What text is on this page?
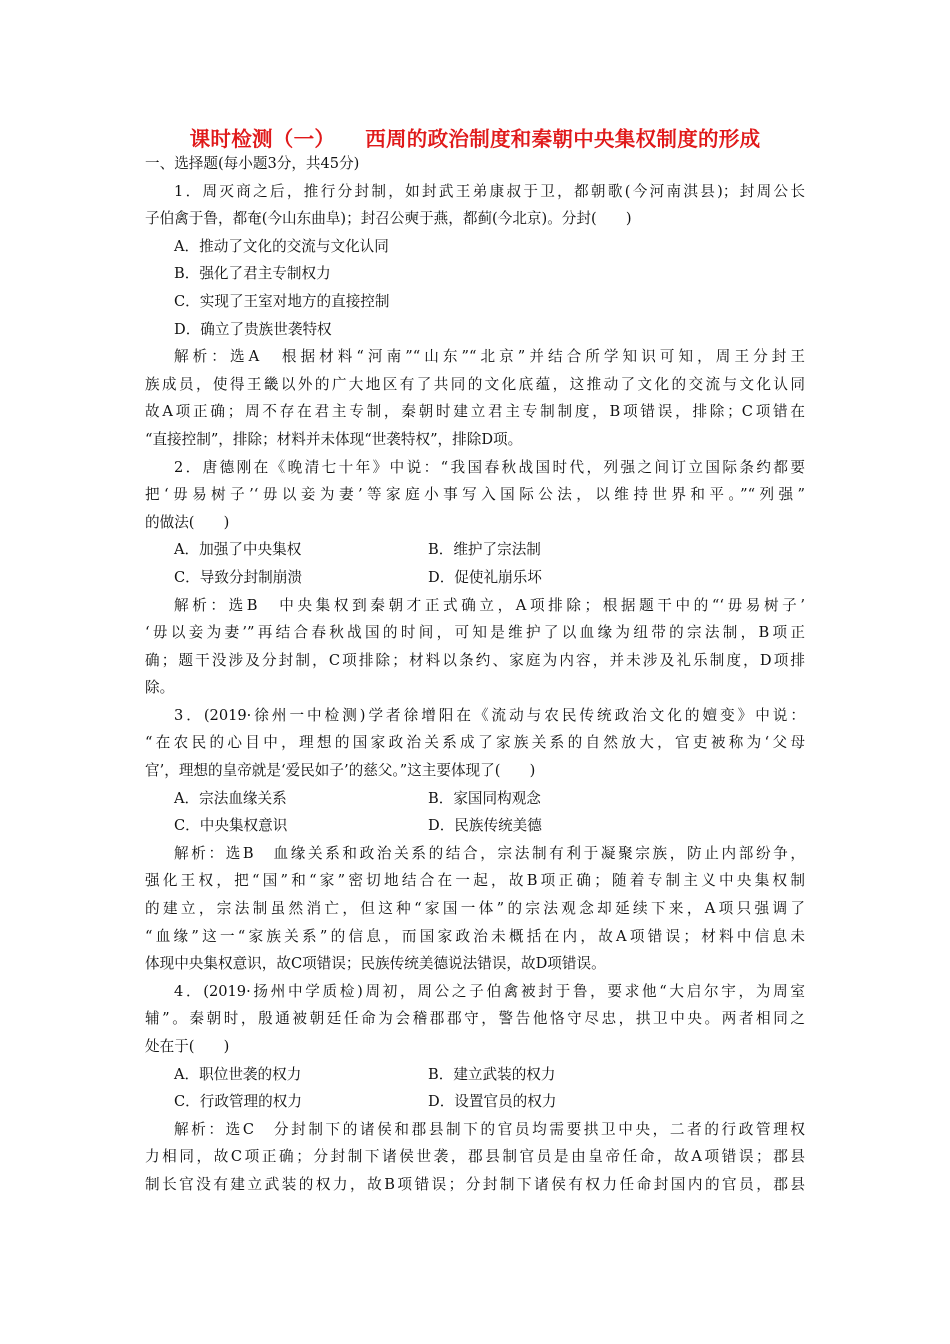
课时检测（一） 西周的政治制度和秦朝中央集权制度的形成
一、选择题(每小题3分，共45分)
1．周灭商之后，推行分封制，如封武王弟康叔于卫，都朝歌(今河南淇县)；封周公长
子伯禽于鲁，都奄(今山东曲阜)；封召公奭于燕，都蓟(今北京)。分封(　　)
A．推动了文化的交流与文化认同
B．强化了君主专制权力
C．实现了王室对地方的直接控制
D．确立了贵族世袭特权
解析：选A　根据材料“河南”“山东”“北京”并结合所学知识可知，周王分封王
族成员，使得王畿以外的广大地区有了共同的文化底蕴，这推动了文化的交流与文化认同
故A项正确；周不存在君主专制，秦朝时建立君主专制制度，B项错误，排除；C项错在
“直接控制”，排除；材料并未体现“世袭特权”，排除D项。
2．唐德刚在《晚清七十年》中说：“我国春秋战国时代，列强之间订立国际条约都要
把‘毋易树子’‘毋以妾为妻’等家庭小事写入国际公法，以维持世界和平。”“列强”
的做法(　　)
A．加强了中央集权	B．维护了宗法制
C．导致分封制崩溃	D．促使礼崩乐坏
解析：选B　中央集权到秦朝才正式确立，A项排除；根据题干中的“‘毋易树子’
‘毋以妾为妻’”再结合春秋战国的时间，可知是维护了以血缘为纽带的宗法制，B项正
确；题干没涉及分封制，C项排除；材料以条约、家庭为内容，并未涉及礼乐制度，D项排
除。
3．(2019·徐州一中检测)学者徐增阳在《流动与农民传统政治文化的嬗变》中说：
“在农民的心目中，理想的国家政治关系成了家族关系的自然放大，官吏被称为‘父母
官’，理想的皇帝就是‘爱民如子’的慈父。”这主要体现了(　　)
A．宗法血缘关系	B．家国同构观念
C．中央集权意识	D．民族传统美德
解析：选B　血缘关系和政治关系的结合，宗法制有利于凝聚宗族，防止内部纷争，
强化王权，把“国”和“家”密切地结合在一起，故B项正确；随着专制主义中央集权制
的建立，宗法制虽然消亡，但这种“家国一体”的宗法观念却延续下来，A项只强调了
“血缘”这一“家族关系”的信息，而国家政治未概括在内，故A项错误；材料中信息未
体现中央集权意识，故C项错误；民族传统美德说法错误，故D项错误。
4．(2019·扬州中学质检)周初，周公之子伯禽被封于鲁，要求他“大启尔宇，为周室
辅”。秦朝时，殷通被朝廷任命为会稽郡郡守，警告他恪守尽忠，拱卫中央。两者相同之
处在于(　　)
A．职位世袭的权力	B．建立武装的权力
C．行政管理的权力	D．设置官员的权力
解析：选C　分封制下的诸侯和郡县制下的官员均需要拱卫中央，二者的行政管理权
力相同，故C项正确；分封制下诸侯世袭，郡县制官员是由皇帝任命，故A项错误；郡县
制长官没有建立武装的权力，故B项错误；分封制下诸侯有权力任命封国内的官员，郡县
